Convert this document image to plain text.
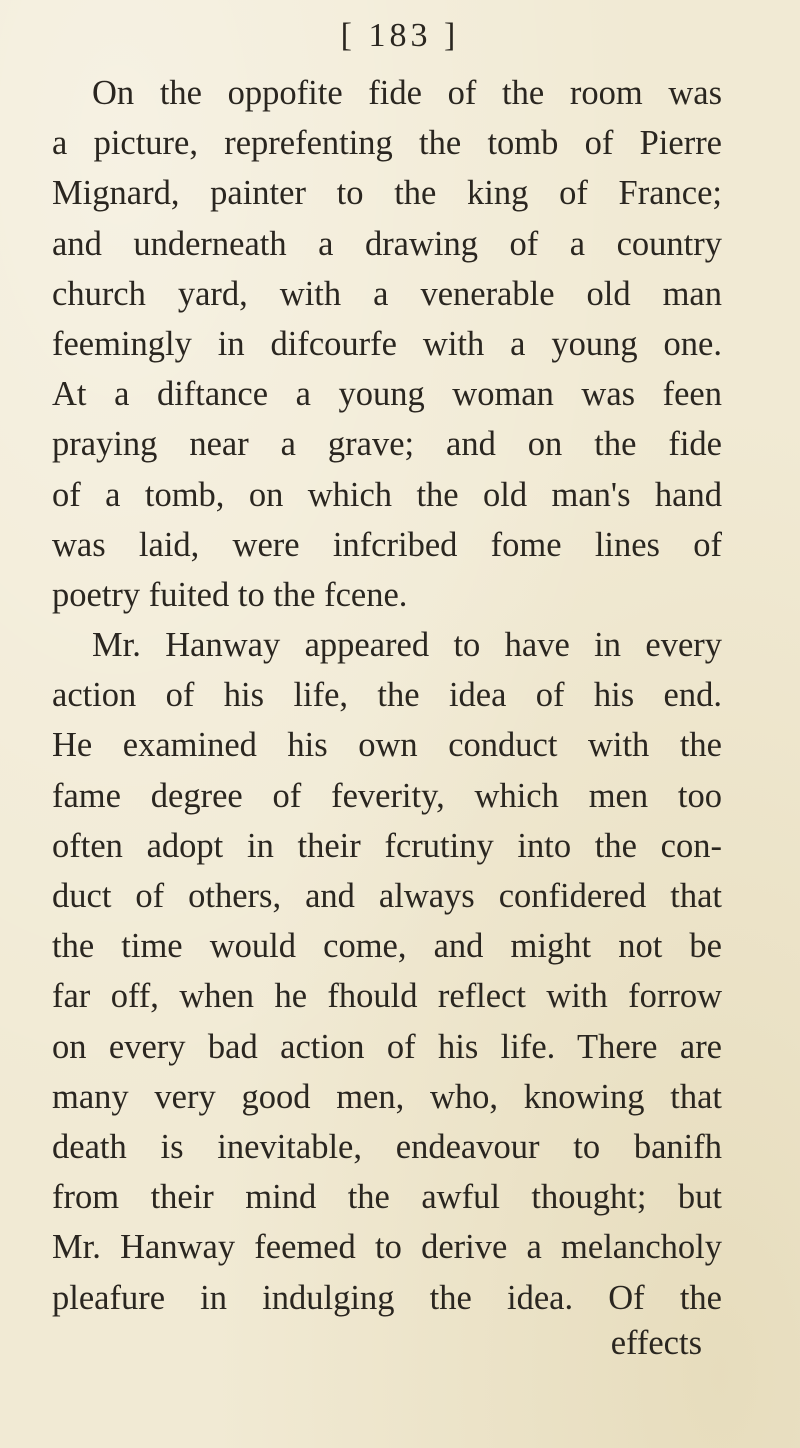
[ 183 ]
On the oppofite fide of the room was
a picture, reprefenting the tomb of Pierre
Mignard, painter to the king of France;
and underneath a drawing of a country
church yard, with a venerable old man
feemingly in difcourfe with a young one.
At a diftance a young woman was feen
praying near a grave; and on the fide
of a tomb, on which the old man's hand
was laid, were infcribed fome lines of
poetry fuited to the fcene.
Mr. Hanway appeared to have in every
action of his life, the idea of his end.
He examined his own conduct with the
fame degree of feverity, which men too
often adopt in their fcrutiny into the con-
duct of others, and always confidered that
the time would come, and might not be
far off, when he fhould reflect with forrow
on every bad action of his life. There are
many very good men, who, knowing that
death is inevitable, endeavour to banifh
from their mind the awful thought; but
Mr. Hanway feemed to derive a melancholy
pleafure in indulging the idea. Of the
effects
